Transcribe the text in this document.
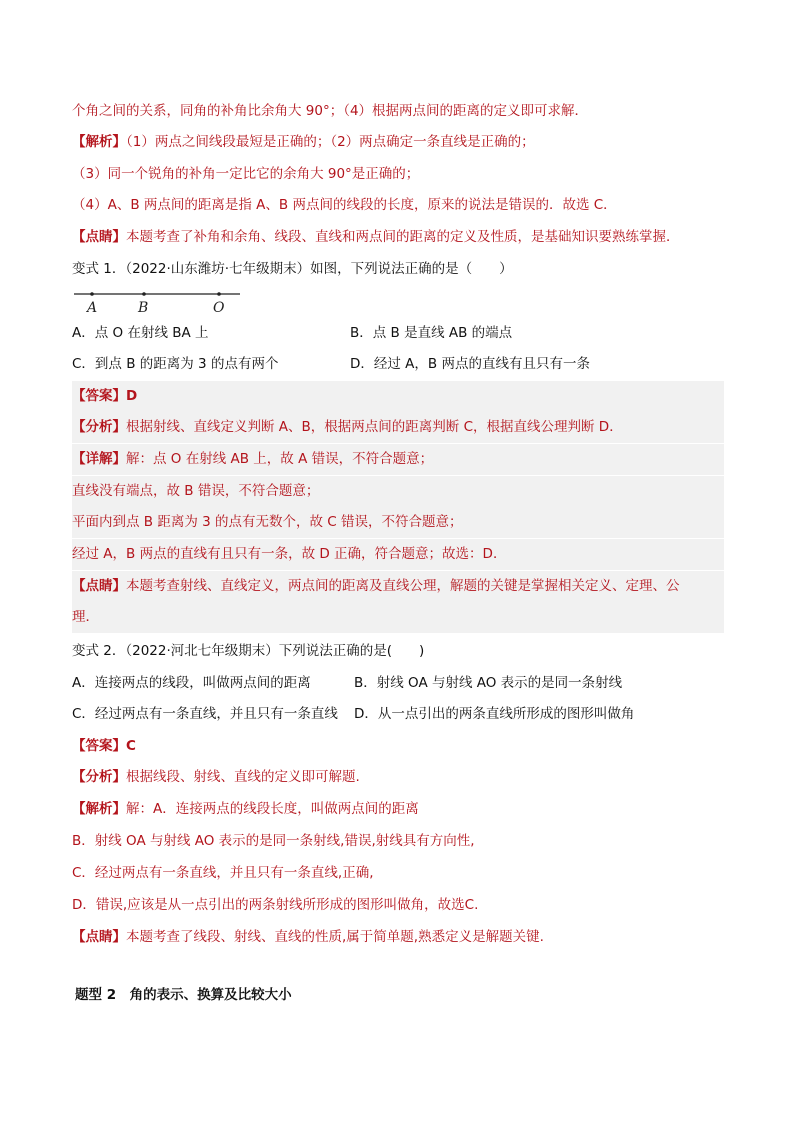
个角之间的关系，同角的补角比余角大 90°；（4）根据两点间的距离的定义即可求解．
【解析】（1）两点之间线段最短是正确的；（2）两点确定一条直线是正确的；
（3）同一个锐角的补角一定比它的余角大 90°是正确的；
（4）A、B 两点间的距离是指 A、B 两点间的线段的长度，原来的说法是错误的．故选 C．
【点睛】本题考查了补角和余角、线段、直线和两点间的距离的定义及性质，是基础知识要熟练掌握．
变式 1．（2022·山东潍坊·七年级期末）如图，下列说法正确的是（　　）
A	B	O
A．点 O 在射线 BA 上	B．点 B 是直线 AB 的端点
C．到点 B 的距离为 3 的点有两个	D．经过 A，B 两点的直线有且只有一条
【答案】D
【分析】根据射线、直线定义判断 A、B，根据两点间的距离判断 C，根据直线公理判断 D．
【详解】解：点 O 在射线 AB 上，故 A 错误，不符合题意；
直线没有端点，故 B 错误，不符合题意；
平面内到点 B 距离为 3 的点有无数个，故 C 错误，不符合题意；
经过 A，B 两点的直线有且只有一条，故 D 正确，符合题意；故选：D．
【点睛】本题考查射线、直线定义，两点间的距离及直线公理，解题的关键是掌握相关定义、定理、公
理．
变式 2．（2022·河北七年级期末）下列说法正确的是(　　)
A．连接两点的线段，叫做两点间的距离	B．射线 OA 与射线 AO 表示的是同一条射线
C．经过两点有一条直线，并且只有一条直线 D．从一点引出的两条直线所形成的图形叫做角
【答案】C
【分析】根据线段、射线、直线的定义即可解题.
【解析】解：A．连接两点的线段长度，叫做两点间的距离
B．射线 OA 与射线 AO 表示的是同一条射线,错误,射线具有方向性,
C．经过两点有一条直线，并且只有一条直线,正确,
D．错误,应该是从一点引出的两条射线所形成的图形叫做角，故选C.
【点睛】本题考查了线段、射线、直线的性质,属于简单题,熟悉定义是解题关键.
题型 2　角的表示、换算及比较大小
